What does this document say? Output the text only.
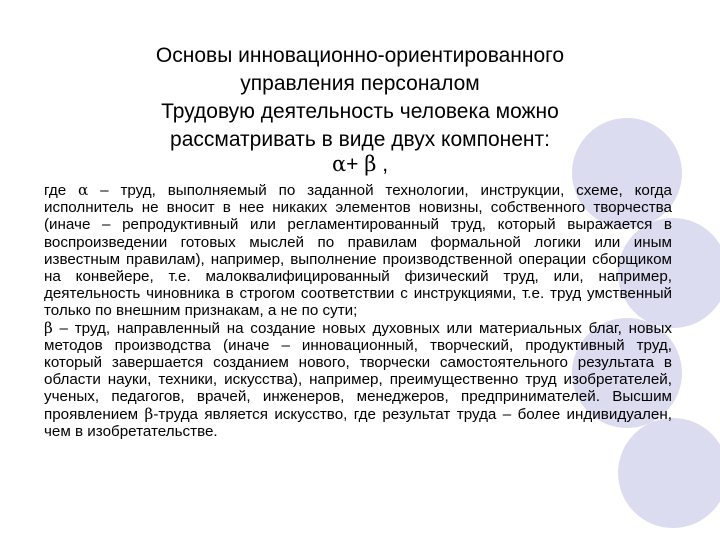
Основы инновационно-ориентированного
управления персоналом
Трудовую деятельность человека можно
рассматривать в виде двух компонент:
α+ β ,

где α – труд, выполняемый по заданной технологии, инструкции, схеме, когда исполнитель не вносит в нее никаких элементов новизны, собственного творчества (иначе – репродуктивный или регламентированный труд, который выражается в воспроизведении готовых мыслей по правилам формальной логики или иным известным правилам), например, выполнение производственной операции сборщиком на конвейере, т.е. малоквалифицированный физический труд, или, например, деятельность чиновника в строгом соответствии с инструкциями, т.е. труд умственный только по внешним признакам, а не по сути;

β – труд, направленный на создание новых духовных или материальных благ, новых методов производства (иначе – инновационный, творческий, продуктивный труд, который завершается созданием нового, творчески самостоятельного результата в области науки, техники, искусства), например, преимущественно труд изобретателей, ученых, педагогов, врачей, инженеров, менеджеров, предпринимателей. Высшим проявлением β-труда является искусство, где результат труда – более индивидуален, чем в изобретательстве.
